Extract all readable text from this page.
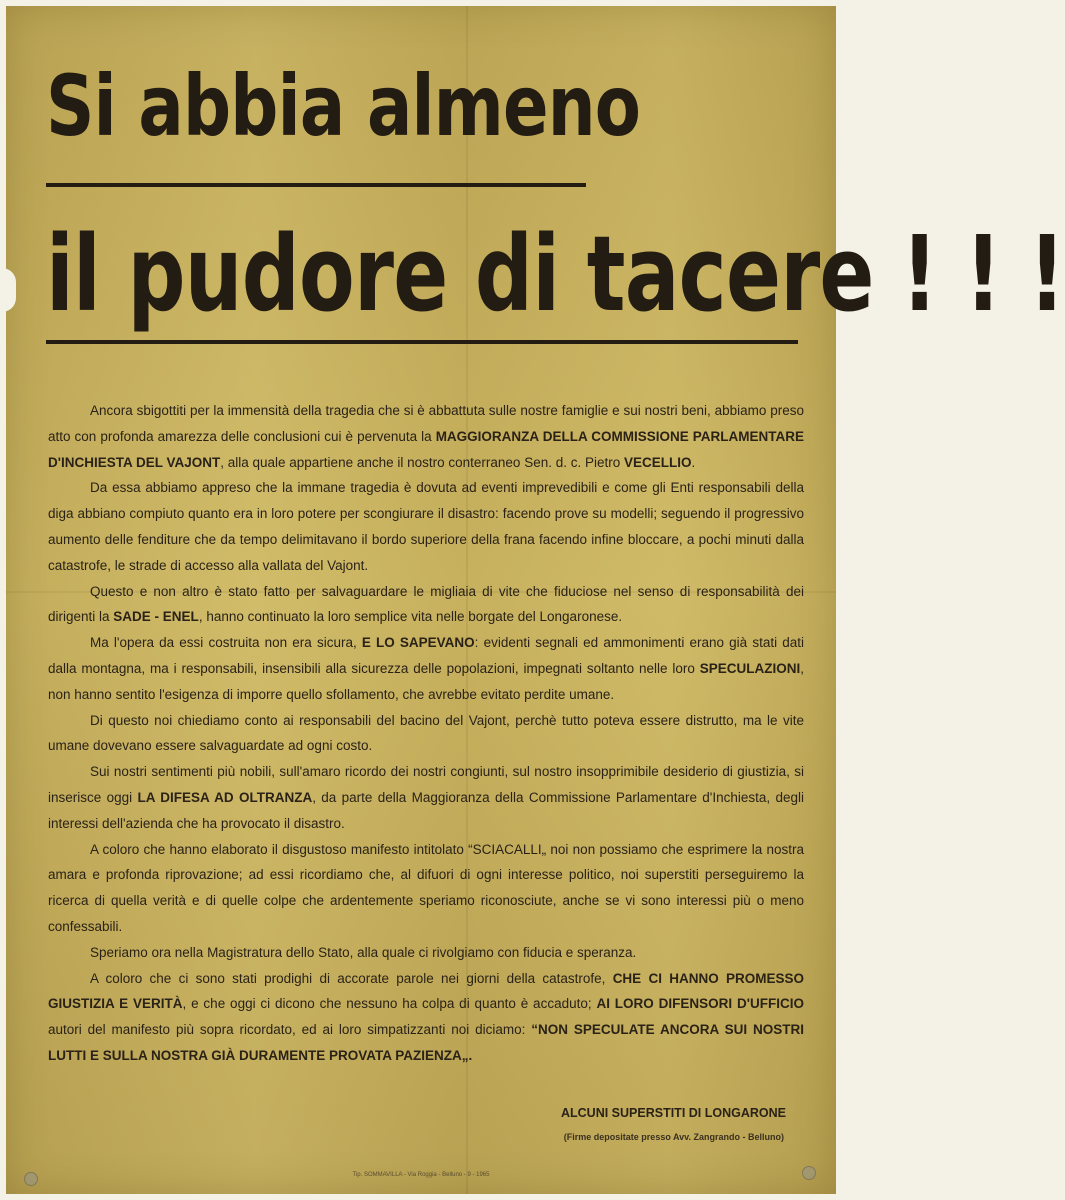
Si abbia almeno
il pudore di tacere ! ! !

Ancora sbigottiti per la immensità della tragedia che si è abbattuta sulle nostre famiglie e sui nostri beni, abbiamo preso atto con profonda amarezza delle conclusioni cui è pervenuta la MAGGIORANZA DELLA COMMISSIONE PARLAMENTARE D'INCHIESTA DEL VAJONT, alla quale appartiene anche il nostro conterraneo Sen. d. c. Pietro VECELLIO.

Da essa abbiamo appreso che la immane tragedia è dovuta ad eventi imprevedibili e come gli Enti responsabili della diga abbiano compiuto quanto era in loro potere per scongiurare il disastro: facendo prove su modelli; seguendo il progressivo aumento delle fenditure che da tempo delimitavano il bordo superiore della frana facendo infine bloccare, a pochi minuti dalla catastrofe, le strade di accesso alla vallata del Vajont.

Questo e non altro è stato fatto per salvaguardare le migliaia di vite che fiduciose nel senso di responsabilità dei dirigenti la SADE - ENEL, hanno continuato la loro semplice vita nelle borgate del Longaronese.

Ma l'opera da essi costruita non era sicura, E LO SAPEVANO: evidenti segnali ed ammonimenti erano già stati dati dalla montagna, ma i responsabili, insensibili alla sicurezza delle popolazioni, impegnati soltanto nelle loro SPECULAZIONI, non hanno sentito l'esigenza di imporre quello sfollamento, che avrebbe evitato perdite umane.

Di questo noi chiediamo conto ai responsabili del bacino del Vajont, perchè tutto poteva essere distrutto, ma le vite umane dovevano essere salvaguardate ad ogni costo.

Sui nostri sentimenti più nobili, sull'amaro ricordo dei nostri congiunti, sul nostro insopprimibile desiderio di giustizia, si inserisce oggi LA DIFESA AD OLTRANZA, da parte della Maggioranza della Commissione Parlamentare d'Inchiesta, degli interessi dell'azienda che ha provocato il disastro.

A coloro che hanno elaborato il disgustoso manifesto intitolato “SCIACALLI„ noi non possiamo che esprimere la nostra amara e profonda riprovazione; ad essi ricordiamo che, al difuori di ogni interesse politico, noi superstiti perseguiremo la ricerca di quella verità e di quelle colpe che ardentemente speriamo riconosciute, anche se vi sono interessi più o meno confessabili.

Speriamo ora nella Magistratura dello Stato, alla quale ci rivolgiamo con fiducia e speranza.

A coloro che ci sono stati prodighi di accorate parole nei giorni della catastrofe, CHE CI HANNO PROMESSO GIUSTIZIA E VERITÀ, e che oggi ci dicono che nessuno ha colpa di quanto è accaduto; AI LORO DIFENSORI D'UFFICIO autori del manifesto più sopra ricordato, ed ai loro simpatizzanti noi diciamo: “NON SPECULATE ANCORA SUI NOSTRI LUTTI E SULLA NOSTRA GIÀ DURAMENTE PROVATA PAZIENZA„.

ALCUNI SUPERSTITI DI LONGARONE
(Firme depositate presso Avv. Zangrando - Belluno)
Tip. SOMMAVILLA - Via Roggia - Belluno - 9 - 1965
